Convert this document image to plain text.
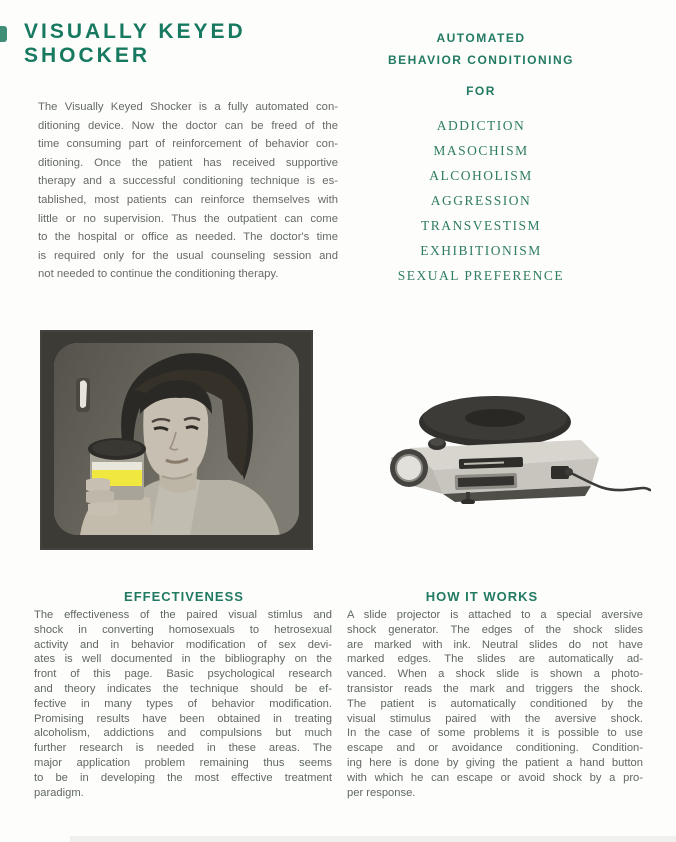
VISUALLY KEYED SHOCKER
AUTOMATED
BEHAVIOR CONDITIONING
FOR
ADDICTION
MASOCHISM
ALCOHOLISM
AGGRESSION
TRANSVESTISM
EXHIBITIONISM
SEXUAL PREFERENCE
The Visually Keyed Shocker is a fully automated con-
ditioning device. Now the doctor can be freed of the
time consuming part of reinforcement of behavior con-
ditioning. Once the patient has received supportive
therapy and a successful conditioning technique is es-
tablished, most patients can reinforce themselves with
little or no supervision. Thus the outpatient can come
to the hospital or office as needed. The doctor's time
is required only for the usual counseling session and
not needed to continue the conditioning therapy.
EFFECTIVENESS
The effectiveness of the paired visual stimlus and
shock in converting homosexuals to hetrosexual
activity and in behavior modification of sex devi-
ates is well documented in the bibliography on the
front of this page. Basic psychological research
and theory indicates the technique should be ef-
fective in many types of behavior modification.
Promising results have been obtained in treating
alcoholism, addictions and compulsions but much
further research is needed in these areas. The
major application problem remaining thus seems
to be in developing the most effective treatment
paradigm.
HOW IT WORKS
A slide projector is attached to a special aversive
shock generator. The edges of the shock slides
are marked with ink. Neutral slides do not have
marked edges. The slides are automatically ad-
vanced. When a shock slide is shown a photo-
transistor reads the mark and triggers the shock.
The patient is automatically conditioned by the
visual stimulus paired with the aversive shock.
In the case of some problems it is possible to use
escape and or avoidance conditioning. Condition-
ing here is done by giving the patient a hand button
with which he can escape or avoid shock by a pro-
per response.
